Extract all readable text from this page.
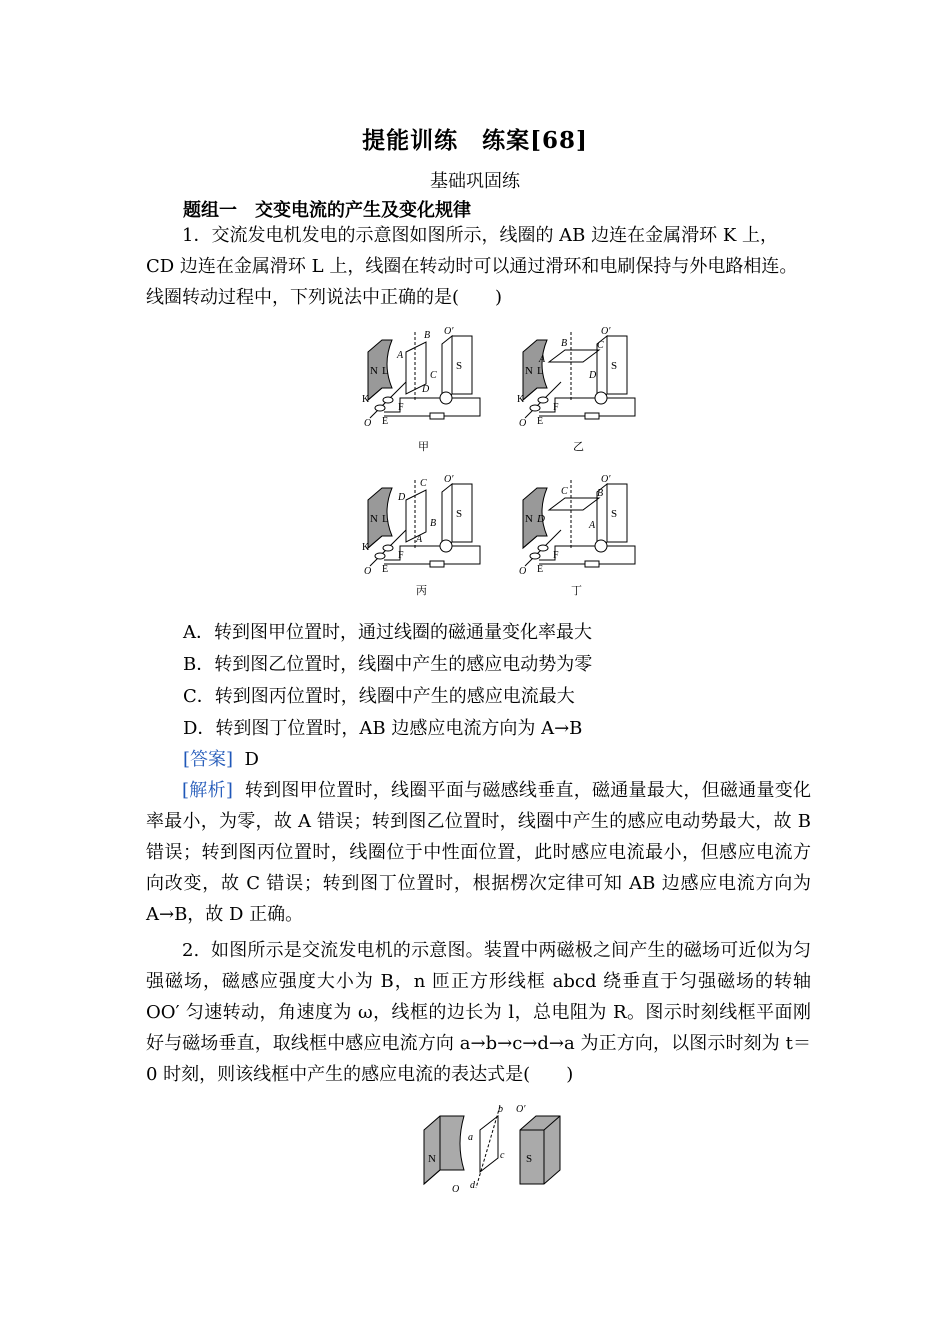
提能训练　练案[68]
基础巩固练
题组一　交变电流的产生及变化规律
1．交流发电机发电的示意图如图所示，线圈的 AB 边连在金属滑环 K 上，
CD 边连在金属滑环 L 上，线圈在转动时可以通过滑环和电刷保持与外电路相连。
线圈转动过程中，下列说法中正确的是(　　)
N L	S
A
B
C
D
O′
K
F
E
O
甲
N L	S
A
B	C
D
O′
K
F
E
O
乙
N L	S
D
C
B
A
O′
K
F
E
O
丙
N D	S
C	B
A
O′
F
E
O
丁
A．转到图甲位置时，通过线圈的磁通量变化率最大
B．转到图乙位置时，线圈中产生的感应电动势为零
C．转到图丙位置时，线圈中产生的感应电流最大
D．转到图丁位置时，AB 边感应电流方向为 A→B
[答案] D
[解析] 转到图甲位置时，线圈平面与磁感线垂直，磁通量最大，但磁通量变化率最小，为零，故 A 错误；转到图乙位置时，线圈中产生的感应电动势最大，故 B 错误；转到图丙位置时，线圈位于中性面位置，此时感应电流最小，但感应电流方向改变，故 C 错误；转到图丁位置时，根据楞次定律可知 AB 边感应电流方向为 A→B，故 D 正确。
2. 如图所示是交流发电机的示意图。装置中两磁极之间产生的磁场可近似为匀强磁场，磁感应强度大小为 B，n 匝正方形线框 abcd 绕垂直于匀强磁场的转轴 OO′ 匀速转动，角速度为 ω，线框的边长为 l，总电阻为 R。图示时刻线框平面刚好与磁场垂直，取线框中感应电流方向 a→b→c→d→a 为正方向，以图示时刻为 t＝0 时刻，则该线框中产生的感应电流的表达式是(　　)
N	S
a
b
c
d
O
O′
